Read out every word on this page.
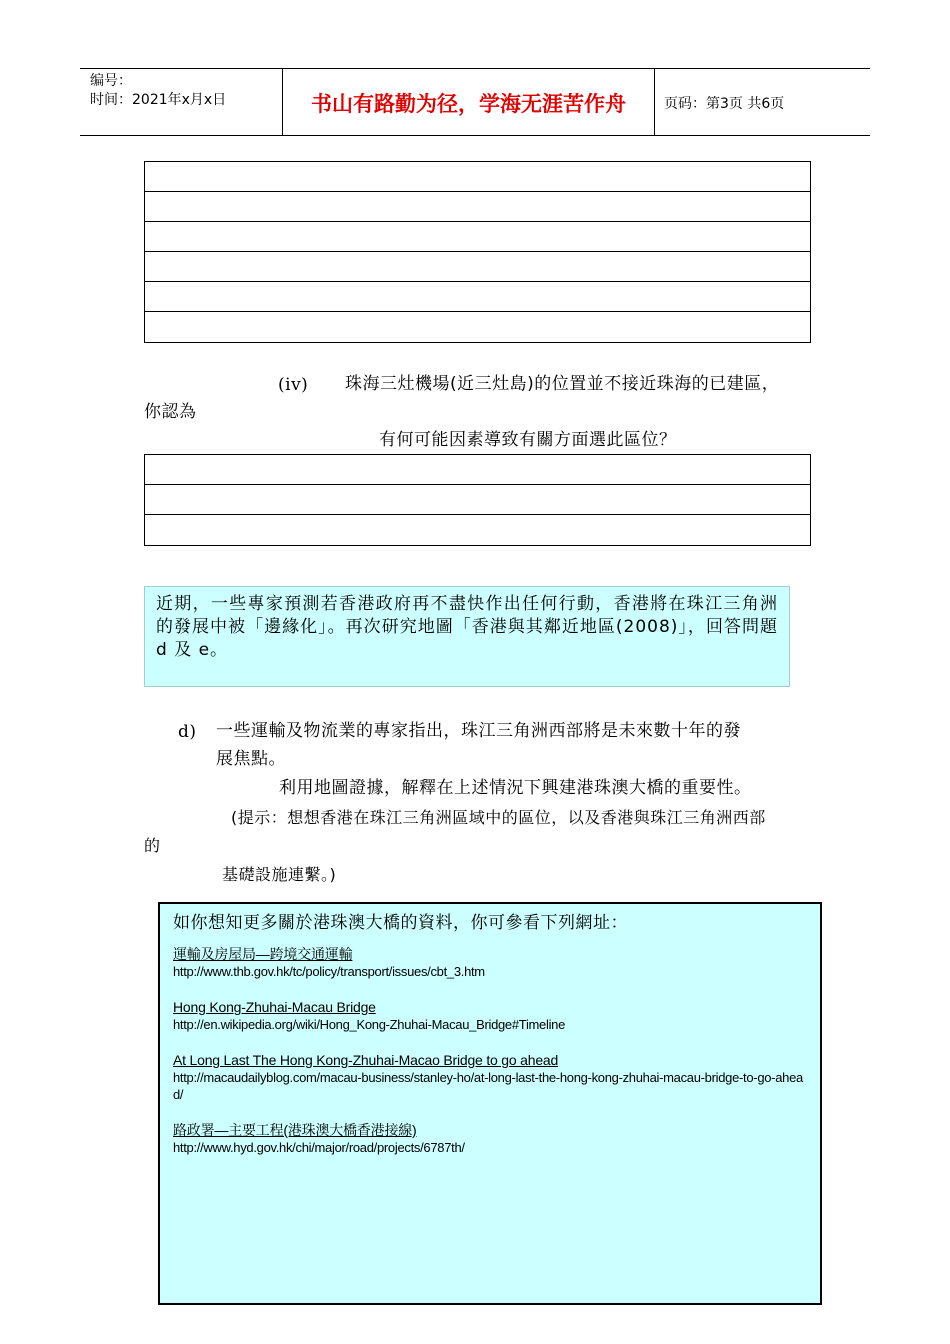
编号：
时间：2021年x月x日	书山有路勤为径，学海无涯苦作舟	页码：第3页 共6页
(iv) 珠海三灶機場(近三灶島)的位置並不接近珠海的已建區，
你認為
有何可能因素導致有關方面選此區位？

近期，一些專家預測若香港政府再不盡快作出任何行動，香港將在珠江三角洲的發展中被「邊緣化」。再次研究地圖「香港與其鄰近地區(2008)」，回答問題 d 及 e。

d) 一些運輸及物流業的專家指出，珠江三角洲西部將是未來數十年的發
展焦點。
利用地圖證據，解釋在上述情況下興建港珠澳大橋的重要性。
(提示：想想香港在珠江三角洲區域中的區位，以及香港與珠江三角洲西部
的
基礎設施連繫。)
如你想知更多關於港珠澳大橋的資料，你可參看下列網址：
運輸及房屋局—跨境交通運輸
http://www.thb.gov.hk/tc/policy/transport/issues/cbt_3.htm
Hong Kong-Zhuhai-Macau Bridge
http://en.wikipedia.org/wiki/Hong_Kong-Zhuhai-Macau_Bridge#Timeline
At Long Last The Hong Kong-Zhuhai-Macao Bridge to go ahead
http://macaudailyblog.com/macau-business/stanley-ho/at-long-last-the-hong-kong-zhuhai-macau-bridge-to-go-ahead/
路政署—主要工程(港珠澳大橋香港接線)
http://www.hyd.gov.hk/chi/major/road/projects/6787th/
